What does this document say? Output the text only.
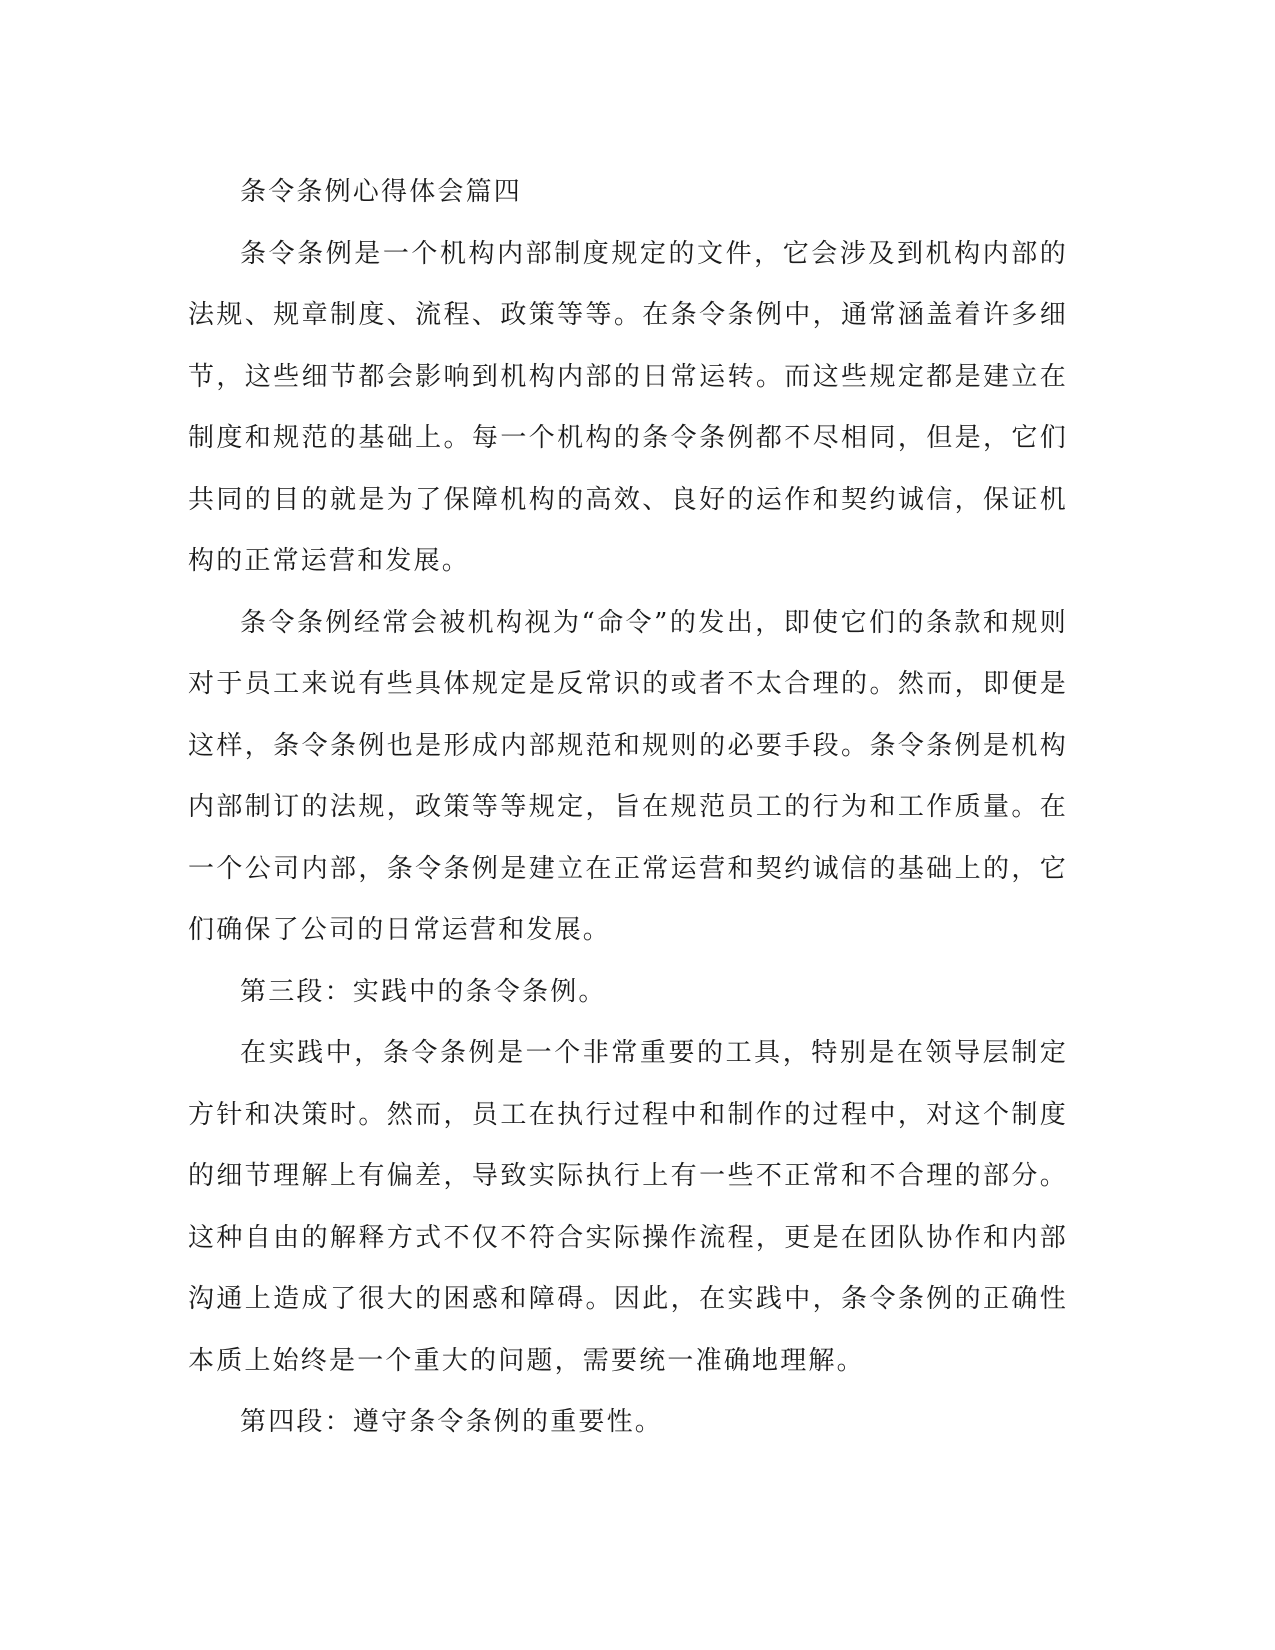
条令条例心得体会篇四

条令条例是一个机构内部制度规定的文件，它会涉及到机构内部的法规、规章制度、流程、政策等等。在条令条例中，通常涵盖着许多细节，这些细节都会影响到机构内部的日常运转。而这些规定都是建立在制度和规范的基础上。每一个机构的条令条例都不尽相同，但是，它们共同的目的就是为了保障机构的高效、良好的运作和契约诚信，保证机构的正常运营和发展。

条令条例经常会被机构视为“命令”的发出，即使它们的条款和规则对于员工来说有些具体规定是反常识的或者不太合理的。然而，即便是这样，条令条例也是形成内部规范和规则的必要手段。条令条例是机构内部制订的法规，政策等等规定，旨在规范员工的行为和工作质量。在一个公司内部，条令条例是建立在正常运营和契约诚信的基础上的，它们确保了公司的日常运营和发展。

第三段：实践中的条令条例。

在实践中，条令条例是一个非常重要的工具，特别是在领导层制定方针和决策时。然而，员工在执行过程中和制作的过程中，对这个制度的细节理解上有偏差，导致实际执行上有一些不正常和不合理的部分。这种自由的解释方式不仅不符合实际操作流程，更是在团队协作和内部沟通上造成了很大的困惑和障碍。因此，在实践中，条令条例的正确性本质上始终是一个重大的问题，需要统一准确地理解。

第四段：遵守条令条例的重要性。
